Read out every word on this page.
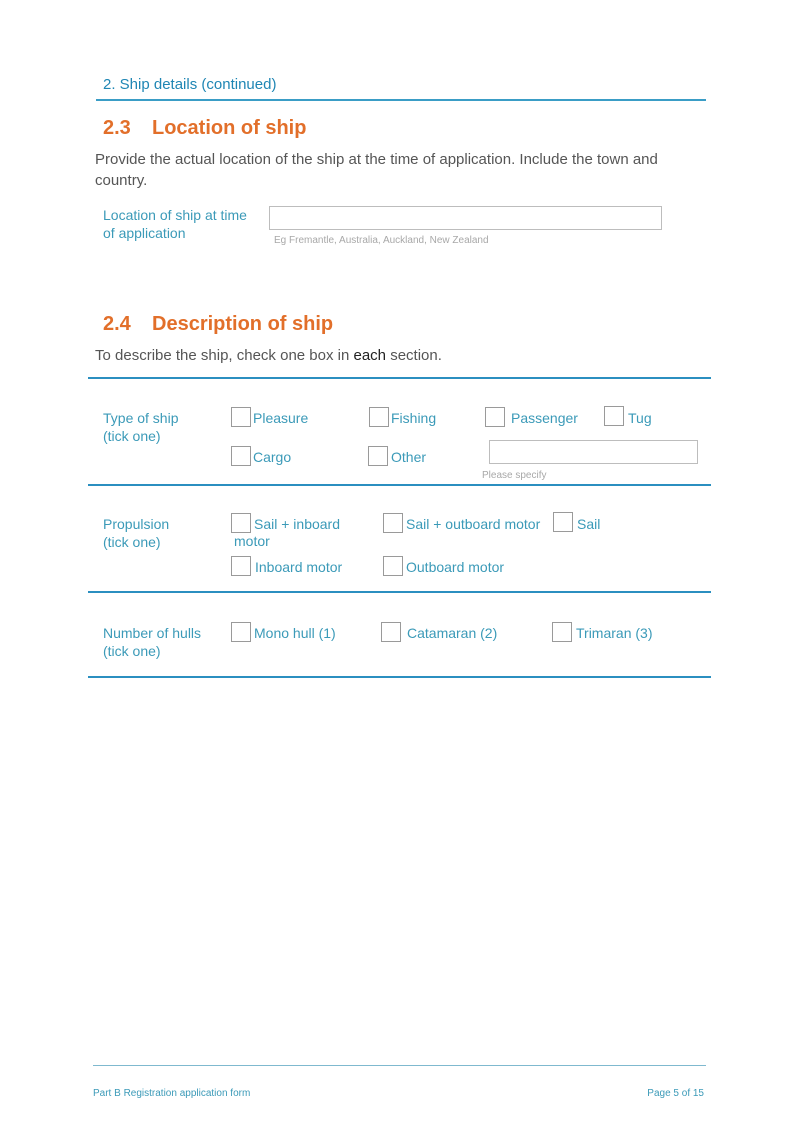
2. Ship details (continued)
2.3 Location of ship
Provide the actual location of the ship at the time of application. Include the town and country.
Location of ship at time
of application	Eg Fremantle, Australia, Auckland, New Zealand
2.4 Description of ship
To describe the ship, check one box in each section.
Type of ship
(tick one)
Pleasure	Fishing	Passenger	Tug
Cargo	Other
Please specify
Propulsion
(tick one)
Sail + inboard
motor
Sail + outboard motor	Sail
Inboard motor	Outboard motor
Number of hulls
(tick one)
Mono hull (1)	Catamaran (2)	Trimaran (3)
Part B Registration application form	Page 5 of 15
